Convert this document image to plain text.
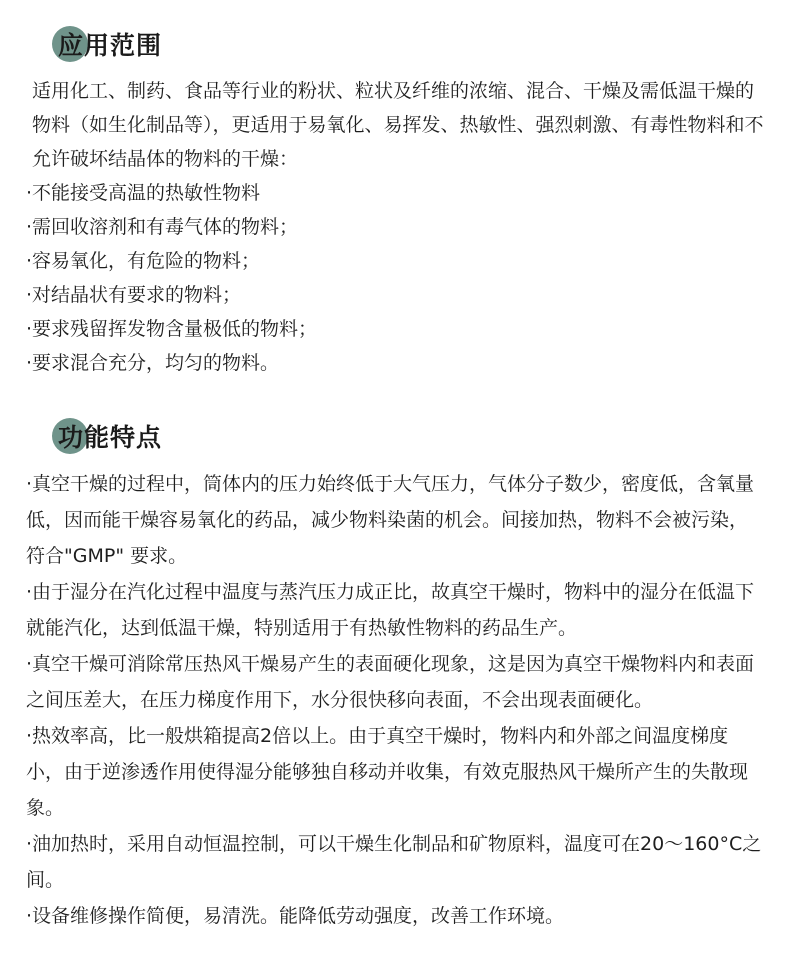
应用范围

适用化工、制药、食品等行业的粉状、粒状及纤维的浓缩、混合、干燥及需低温干燥的物料（如生化制品等），更适用于易氧化、易挥发、热敏性、强烈刺激、有毒性物料和不允许破坏结晶体的物料的干燥：

·不能接受高温的热敏性物料

·需回收溶剂和有毒气体的物料；

·容易氧化，有危险的物料；

·对结晶状有要求的物料；

·要求残留挥发物含量极低的物料；

·要求混合充分，均匀的物料。

功能特点

·真空干燥的过程中，筒体内的压力始终低于大气压力，气体分子数少，密度低，含氧量低，因而能干燥容易氧化的药品，减少物料染菌的机会。间接加热，物料不会被污染，符合"GMP" 要求。

·由于湿分在汽化过程中温度与蒸汽压力成正比，故真空干燥时，物料中的湿分在低温下就能汽化，达到低温干燥，特别适用于有热敏性物料的药品生产。

·真空干燥可消除常压热风干燥易产生的表面硬化现象，这是因为真空干燥物料内和表面之间压差大，在压力梯度作用下，水分很快移向表面，不会出现表面硬化。

·热效率高，比一般烘箱提高2倍以上。由于真空干燥时，物料内和外部之间温度梯度小，由于逆渗透作用使得湿分能够独自移动并收集，有效克服热风干燥所产生的失散现象。

·油加热时，采用自动恒温控制，可以干燥生化制品和矿物原料，温度可在20～160°C之间。

·设备维修操作简便，易清洗。能降低劳动强度，改善工作环境。
